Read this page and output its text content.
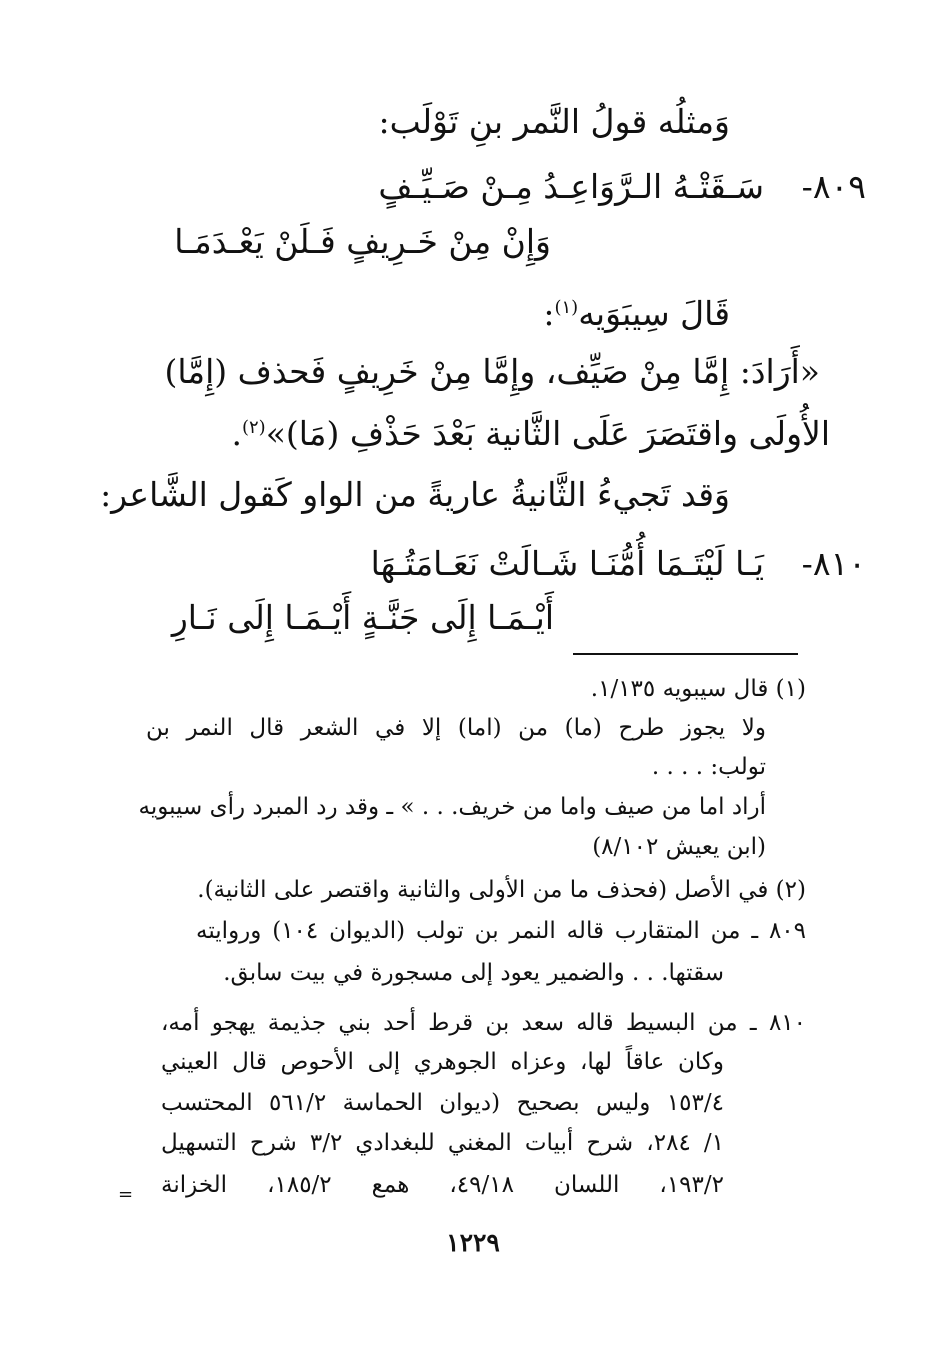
وَمثلُه قولُ النَّمر بنِ تَوْلَب:
٨٠٩-
سَـقَتْـهُ الـرَّوَاعِـدُ مِـنْ صَـيِّـفٍ
وَإِنْ مِنْ خَـرِيفٍ فَـلَنْ يَعْـدَمَـا
قَالَ سِيبَوَيه$^{(١)}$:
«أَرَادَ: إِمَّا مِنْ صَيِّف، وإِمَّا مِنْ خَرِيفٍ فَحذف (إِمَّا)
الأُولَى واقتَصَرَ عَلَى الثَّانية بَعْدَ حَذْفِ (مَا)»$^{(٢)}$.
وَقد تَجيءُ الثَّانيةُ عاريةً من الواو كَقول الشَّاعر:
٨١٠-
يَـا لَيْتَـمَا أُمُّنَـا شَـالَتْ نَعَـامَتُـهَا
أَيْـمَـا إِلَى جَنَّـةٍ أَيْـمَـا إِلَى نَـارِ
(١) قال سيبويه ١/١٣٥.
ولا يجوز طرح (ما) من (اما) إلا في الشعر قال النمر بن
تولب: . . . .
أراد اما من صيف واما من خريف. . . » ـ وقد رد المبرد رأى سيبويه
(ابن يعيش ٨/١٠٢)
(٢) في الأصل (فحذف ما من الأولى والثانية واقتصر على الثانية).
٨٠٩ ـ من المتقارب قاله النمر بن تولب (الديوان ١٠٤) وروايته
سقتها. . . والضمير يعود إلى مسجورة في بيت سابق.
٨١٠ ـ من البسيط قاله سعد بن قرط أحد بني جذيمة يهجو أمه،
وكان عاقاً لها، وعزاه الجوهري إلى الأحوص قال العيني
١٥٣/٤ وليس بصحيح (ديوان الحماسة ٥٦١/٢ المحتسب
١/ ٢٨٤، شرح أبيات المغني للبغدادي ٣/٢ شرح التسهيل
١٩٣/٢، اللسان ٤٩/١٨، همع ١٨٥/٢، الخزانة
=
١٢٢٩
